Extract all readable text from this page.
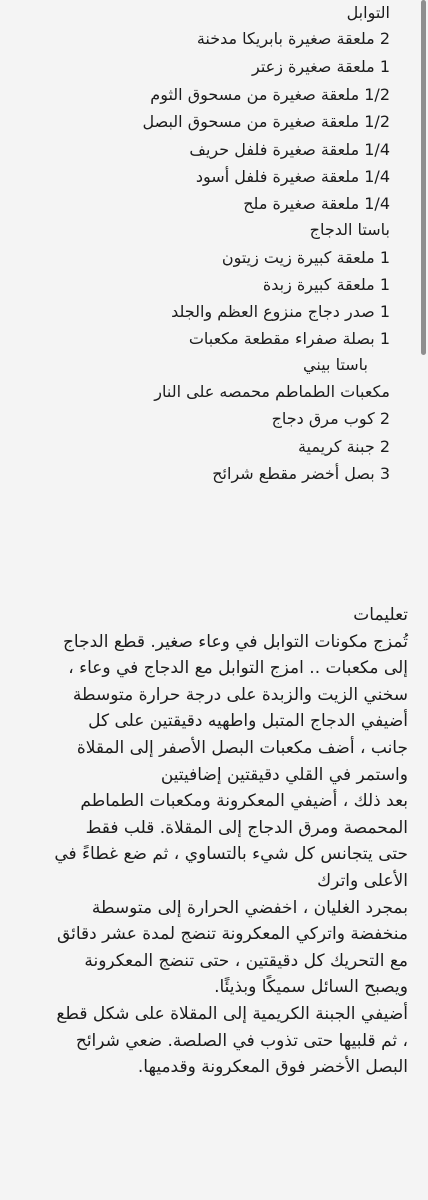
التوابل
2 ملعقة صغيرة بابريكا مدخنة
1 ملعقة صغيرة زعتر
1/2 ملعقة صغيرة من مسحوق الثوم
1/2 ملعقة صغيرة من مسحوق البصل
1/4 ملعقة صغيرة فلفل حريف
1/4 ملعقة صغيرة فلفل أسود
1/4 ملعقة صغيرة ملح
باستا الدجاج
1 ملعقة كبيرة زيت زيتون
1 ملعقة كبيرة زبدة
1 صدر دجاج منزوع العظم والجلد
1 بصلة صفراء مقطعة مكعبات
باستا بيني
مكعبات الطماطم محمصه على النار
2 كوب مرق دجاج
2 جبنة كريمية
3 بصل أخضر مقطع شرائح
تعليمات
تُمزج مكونات التوابل في وعاء صغير. قطع الدجاج
إلى مكعبات .. امزج التوابل مع الدجاج في وعاء ،
سخني الزيت والزبدة على درجة حرارة متوسطة
أضيفي الدجاج المتبل واطهيه دقيقتين على كل
جانب ، أضف مكعبات البصل الأصفر إلى المقلاة
واستمر في القلي دقيقتين إضافيتين
بعد ذلك ، أضيفي المعكرونة ومكعبات الطماطم
المحمصة ومرق الدجاج إلى المقلاة. قلب فقط
حتى يتجانس كل شيء بالتساوي ، ثم ضع غطاءً في
الأعلى واترك
بمجرد الغليان ، اخفضي الحرارة إلى متوسطة
منخفضة واتركي المعكرونة تنضج لمدة عشر دقائق
مع التحريك كل دقيقتين ، حتى تنضج المعكرونة
ويصبح السائل سميكًا وبذيئًا.
أضيفي الجبنة الكريمية إلى المقلاة على شكل قطع
، ثم قلبيها حتى تذوب في الصلصة. ضعي شرائح
البصل الأخضر فوق المعكرونة وقدميها.
